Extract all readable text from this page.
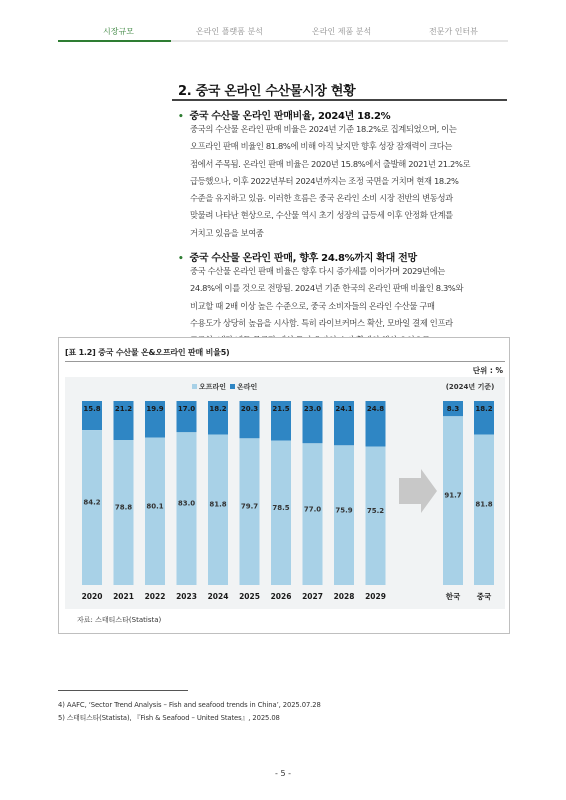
시장규모	온라인 플랫폼 분석	온라인 제품 분석	전문가 인터뷰
2. 중국 온라인 수산물시장 현황
• 중국 수산물 온라인 판매비율, 2024년 18.2%
중국의 수산물 온라인 판매 비율은 2024년 기준 18.2%로 집계되었으며, 이는
오프라인 판매 비율인 81.8%에 비해 아직 낮지만 향후 성장 잠재력이 크다는
점에서 주목됨. 온라인 판매 비율은 2020년 15.8%에서 출발해 2021년 21.2%로
급등했으나, 이후 2022년부터 2024년까지는 조정 국면을 거치며 현재 18.2%
수준을 유지하고 있음. 이러한 흐름은 중국 온라인 소비 시장 전반의 변동성과
맞물려 나타난 현상으로, 수산물 역시 초기 성장의 급등세 이후 안정화 단계를
거치고 있음을 보여줌
• 중국 수산물 온라인 판매, 향후 24.8%까지 확대 전망
중국 수산물 온라인 판매 비율은 향후 다시 증가세를 이어가며 2029년에는
24.8%에 이를 것으로 전망됨. 2024년 기준 한국의 온라인 판매 비율인 8.3%와
비교할 때 2배 이상 높은 수준으로, 중국 소비자들의 온라인 수산물 구매
수용도가 상당히 높음을 시사함. 특히 라이브커머스 확산, 모바일 결제 인프라
[표 1.2] 중국 수산물 온&오프라인 판매 비율5)
단위 : %
오프라인 온라인	(2024년 기준)
15.8
84.2
2020
21.2
78.8
2021
19.9
80.1
2022
17.0
83.0
2023
18.2
81.8
2024
20.3
79.7
2025
21.5
78.5
2026
23.0
77.0
2027
24.1
75.9
2028
24.8
75.2
2029
8.3
91.7
한국
18.2
81.8
중국
자료: 스태티스타(Statista)
4) AAFC, ‘Sector Trend Analysis – Fish and seafood trends in China’, 2025.07.28
5) 스태티스타(Statista), 『Fish & Seafood – United States』, 2025.08
- 5 -
